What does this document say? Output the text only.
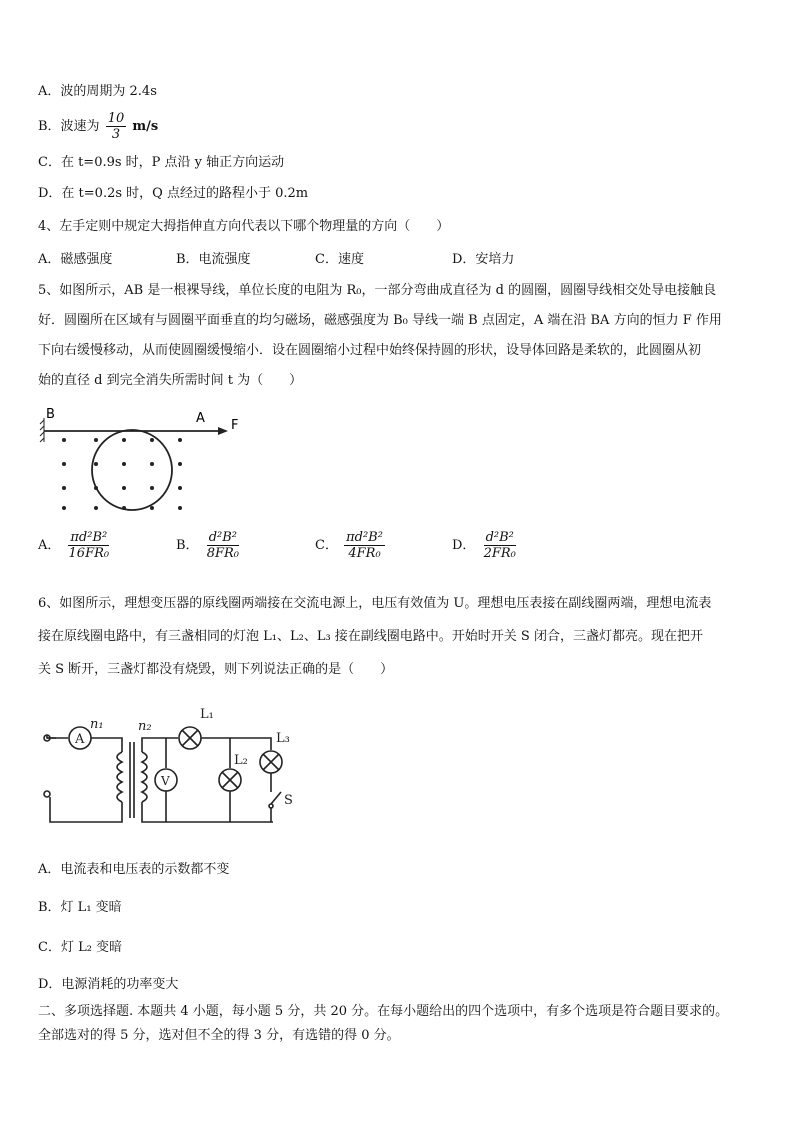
A．波的周期为 2.4s
B．波速为 $\frac{10}{3} m/s$
C．在 t=0.9s 时，P 点沿 y 轴正方向运动
D．在 t=0.2s 时，Q 点经过的路程小于 0.2m
4、左手定则中规定大拇指伸直方向代表以下哪个物理量的方向（　　）
A．磁感强度	B．电流强度	C．速度	D．安培力
5、如图所示，AB 是一根裸导线，单位长度的电阻为 R₀，一部分弯曲成直径为 d 的圆圈，圆圈导线相交处导电接触良
好．圆圈所在区域有与圆圈平面垂直的均匀磁场，磁感强度为 B₀ 导线一端 B 点固定，A 端在沿 BA 方向的恒力 F 作用
下向右缓慢移动，从而使圆圈缓慢缩小．设在圆圈缩小过程中始终保持圆的形状，设导体回路是柔软的，此圆圈从初
始的直径 d 到完全消失所需时间 t 为（　　）
B	A F
A． $\frac{\text{πd²B²}}{\text{16FR₀}}$	B． $\frac{\text{d²B²}}{\text{8FR₀}}$	C． $\frac{\text{πd²B²}}{\text{4FR₀}}$	D． $\frac{\text{d²B²}}{\text{2FR₀}}$
6、如图所示，理想变压器的原线圈两端接在交流电源上，电压有效值为 U。理想电压表接在副线圈两端，理想电流表
接在原线圈电路中，有三盏相同的灯泡 L₁、L₂、L₃ 接在副线圈电路中。开始时开关 S 闭合，三盏灯都亮。现在把开
关 S 断开，三盏灯都没有烧毁，则下列说法正确的是（　　）
A
n₁	n₂
V
L₁
L₂
L₃
S
A．电流表和电压表的示数都不变
B．灯 L₁ 变暗
C．灯 L₂ 变暗
D．电源消耗的功率变大
二、多项选择题. 本题共 4 小题，每小题 5 分，共 20 分。在每小题给出的四个选项中，有多个选项是符合题目要求的。
全部选对的得 5 分，选对但不全的得 3 分，有选错的得 0 分。
